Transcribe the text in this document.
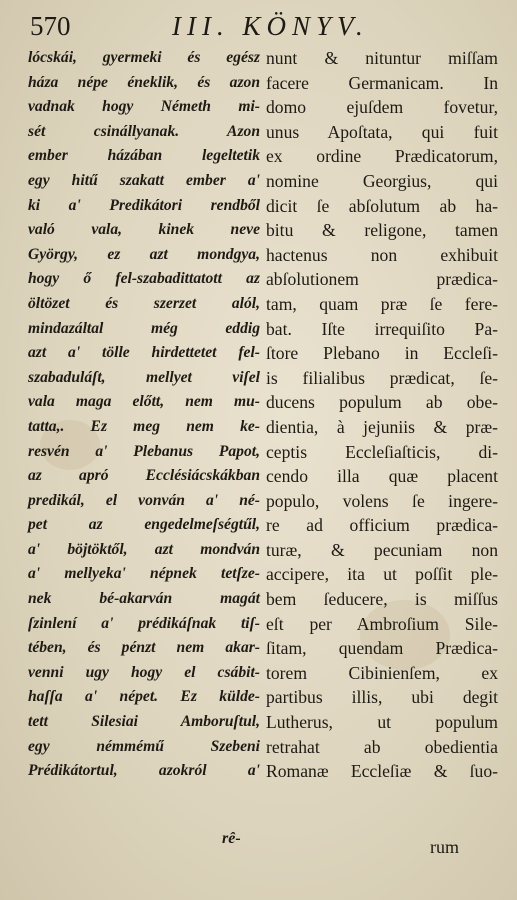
570	III. KÖNYV.
lócskái, gyermeki és egész
háza népe éneklik, és azon
vadnak hogy Németh mi-
sét csinállyanak. Azon
ember házában legeltetik
egy hitű szakatt ember a'
ki a' Predikátori rendből
való vala, kinek neve
György, ez azt mondgya,
hogy ő fel-szabadittatott az
öltözet és szerzet alól,
mindazáltal még eddig
azt a' tölle hirdettetet fel-
szabaduláſt, mellyet viſel
vala maga előtt, nem mu-
tatta,. Ez meg nem ke-
resvén a' Plebanus Papot,
az apró Ecclésiácskákban
predikál, el vonván a' né-
pet az engedelmeſségtűl,
a' böjtöktől, azt mondván
a' mellyeka' népnek tetſze-
nek bé-akarván magát
ſzinlení a' prédikáſnak tiſ-
tében, és pénzt nem akar-
venni ugy hogy el csábit-
haſſa a' népet. Ez külde-
tett Silesiai Amboruſtul,
egy némmémű Szebeni
Prédikátortul, azokról a'
nunt & nituntur miſſam
facere Germanicam. In
domo ejuſdem fovetur,
unus Apoſtata, qui fuit
ex ordine Prædicatorum,
nomine Georgius, qui
dicit ſe abſolutum ab ha-
bitu & religone, tamen
hactenus non exhibuit
abſolutionem prædica-
tam, quam præ ſe fere-
bat. Iſte irrequiſito Pa-
ſtore Plebano in Eccleſi-
is filialibus prædicat, ſe-
ducens populum ab obe-
dientia, à jejuniis & præ-
ceptis Eccleſiaſticis, di-
cendo illa quæ placent
populo, volens ſe ingere-
re ad officium prædica-
turæ, & pecuniam non
accipere, ita ut poſſit ple-
bem ſeducere, is miſſus
eſt per Ambroſium Sile-
ſitam, quendam Prædica-
torem Cibinienſem, ex
partibus illis, ubi degit
Lutherus, ut populum
retrahat ab obedientia
Romanæ Eccleſiæ & ſuo-
rê-	rum
